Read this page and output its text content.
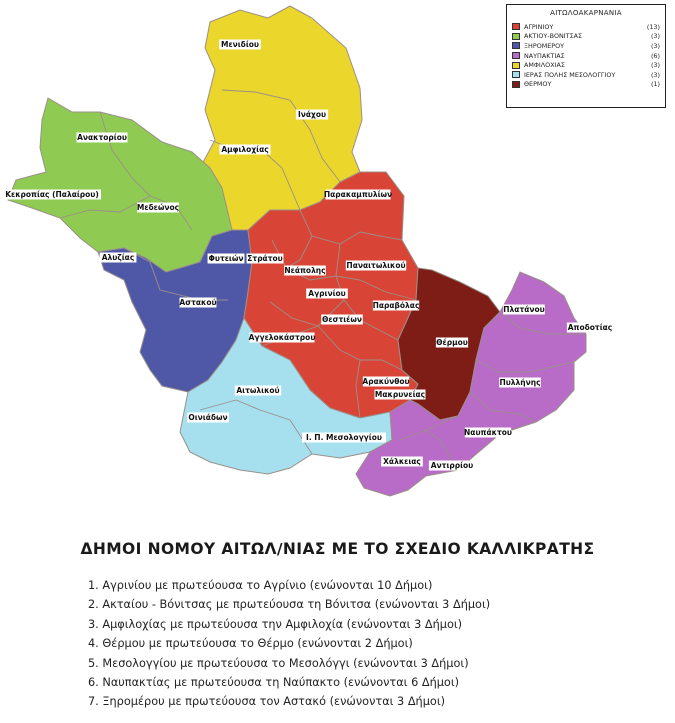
Μενιδίου
Ινάχου
Αμφιλοχίας
Ανακτορίου
Κεκροπίας (Παλαίρου)
Μεδεώνος
Παρακαμπυλίων
Αλυζίας	Φυτειών Στράτου
Νεάπολης
Παναιτωλικού
Αγρινίου
Παραβόλας
Θεστιέων
Αστακού
Αγγελοκάστρου
Θέρμου
Πλατάνου
Αποδοτίας
Αρακύνθου	Πυλλήνης
Μακρυνείας
Αιτωλικού
Οινιάδων
Ναυπάκτου
Ι. Π. Μεσολογγίου
Χάλκειας Αντιρρίου
ΑΙΤΩΛΟΑΚΑΡΝΑΝΙΑ
ΑΓΡΙΝΙΟΥ	(13)
ΑΚΤΙΟΥ-ΒΟΝΙΤΣΑΣ	(3)
ΞΗΡΟΜΕΡΟΥ	(3)
ΝΑΥΠΑΚΤΙΑΣ	(6)
ΑΜΦΙΛΟΧΙΑΣ	(3)
ΙΕΡΑΣ ΠΟΛΗΣ ΜΕΣΟΛΟΓΓΙΟΥ	(3)
ΘΕΡΜΟΥ	(1)
ΔΗΜΟΙ ΝΟΜΟΥ ΑΙΤΩΛ/ΝΙΑΣ ΜΕ ΤΟ ΣΧΕΔΙΟ ΚΑΛΛΙΚΡΑΤΗΣ
1. Αγρινίου με πρωτεύουσα το Αγρίνιο (ενώνονται 10 Δήμοι)
2. Ακταίου - Βόνιτσας με πρωτεύουσα τη Βόνιτσα (ενώνονται 3 Δήμοι)
3. Αμφιλοχίας με πρωτεύουσα την Αμφιλοχία (ενώνονται 3 Δήμοι)
4. Θέρμου με πρωτεύουσα το Θέρμο (ενώνονται 2 Δήμοι)
5. Μεσολογγίου με πρωτεύουσα το Μεσολόγγι (ενώνονται 3 Δήμοι)
6. Ναυπακτίας με πρωτεύουσα τη Ναύπακτο (ενώνονται 6 Δήμοι)
7. Ξηρομέρου με πρωτεύουσα τον Αστακό (ενώνονται 3 Δήμοι)
